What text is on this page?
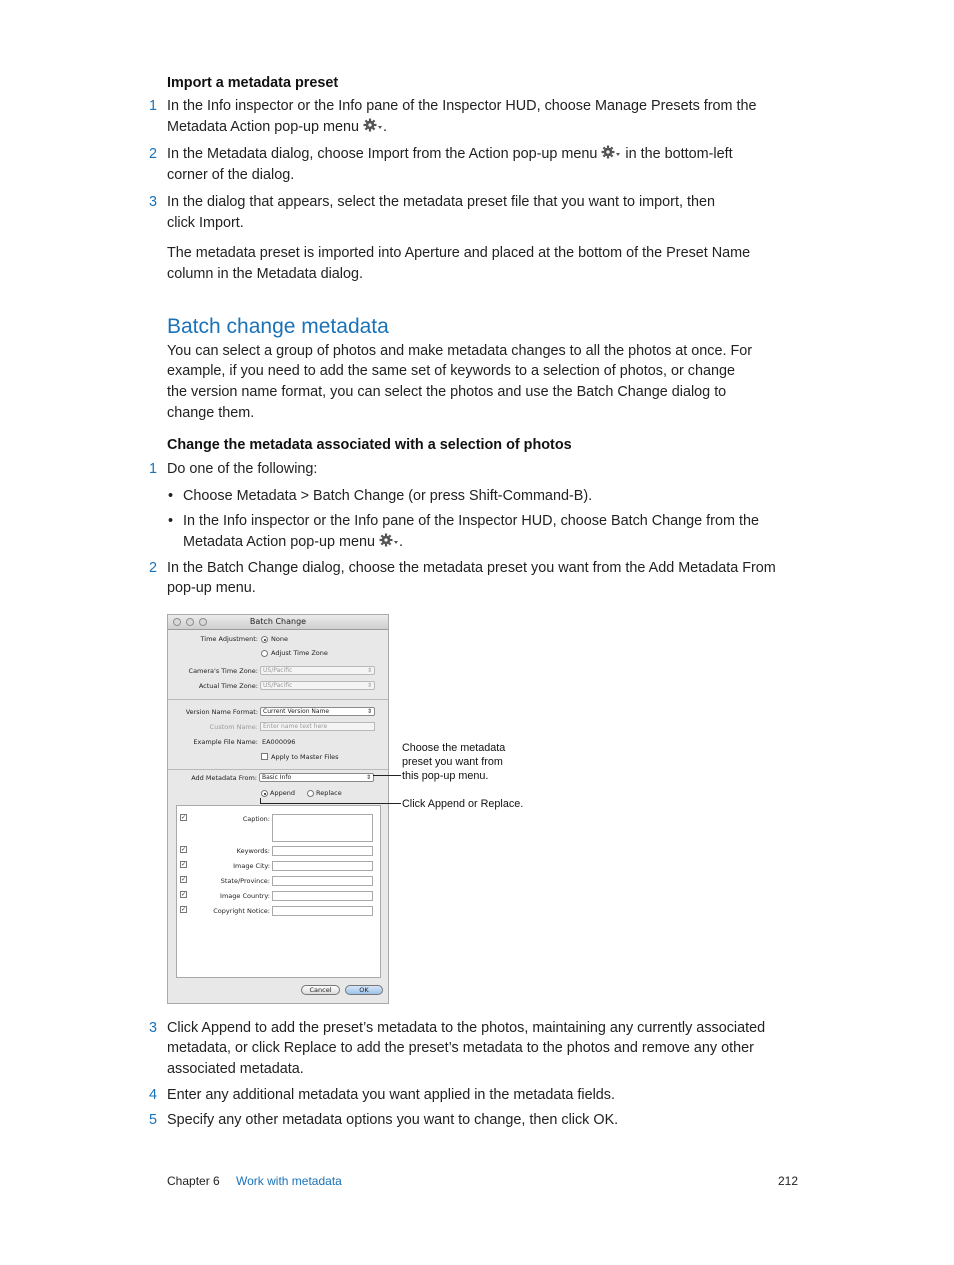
Import a metadata preset
1 In the Info inspector or the Info pane of the Inspector HUD, choose Manage Presets from the
Metadata Action pop-up menu .
2 In the Metadata dialog, choose Import from the Action pop-up menu in the bottom-left
corner of the dialog.
3 In the dialog that appears, select the metadata preset file that you want to import, then
click Import.
The metadata preset is imported into Aperture and placed at the bottom of the Preset Name
column in the Metadata dialog.
Batch change metadata
You can select a group of photos and make metadata changes to all the photos at once. For
example, if you need to add the same set of keywords to a selection of photos, or change
the version name format, you can select the photos and use the Batch Change dialog to
change them.
Change the metadata associated with a selection of photos
1 Do one of the following:
• Choose Metadata > Batch Change (or press Shift-Command-B).
• In the Info inspector or the Info pane of the Inspector HUD, choose Batch Change from the
Metadata Action pop-up menu .
2 In the Batch Change dialog, choose the metadata preset you want from the Add Metadata From
pop-up menu.
Batch Change
Time Adjustment: None
Adjust Time Zone
Camera's Time Zone: US/Pacific	⇕
Actual Time Zone: US/Pacific	⇕
Version Name Format: Current Version Name	⇕
Custom Name: Enter name text here
Example File Name: EA000096
Apply to Master Files
Add Metadata From: Basic Info	⇕
Append	Replace
✓	Caption:
✓	Keywords:
✓	Image City:
✓	State/Province:
✓	Image Country:
✓	Copyright Notice:
Cancel	OK
Choose the metadata
preset you want from
this pop-up menu.
Click Append or Replace.
3 Click Append to add the preset’s metadata to the photos, maintaining any currently associated
metadata, or click Replace to add the preset’s metadata to the photos and remove any other
associated metadata.
4 Enter any additional metadata you want applied in the metadata fields.
5 Specify any other metadata options you want to change, then click OK.
Chapter 6 Work with metadata	212
